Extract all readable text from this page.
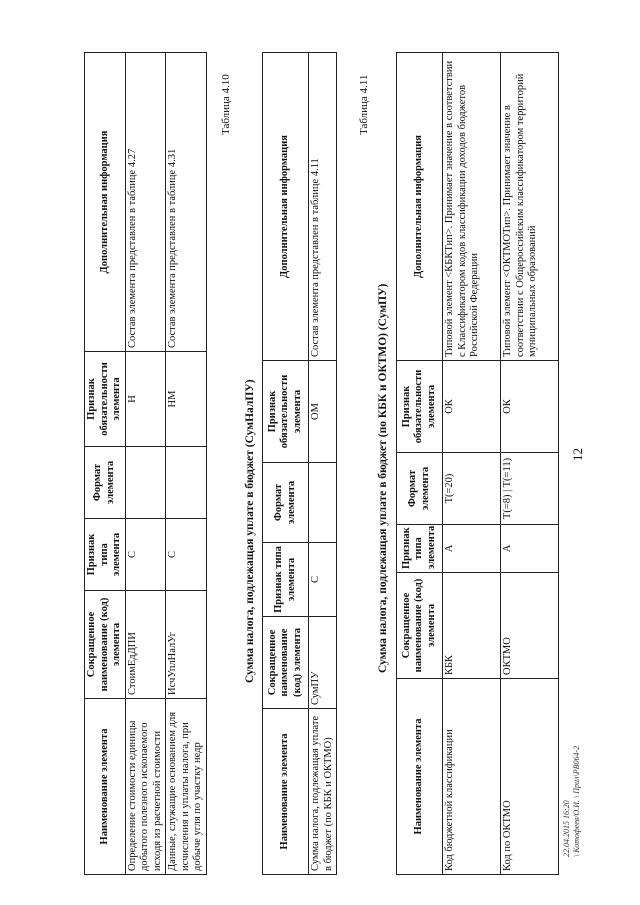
12
Наименование элемента	Сокращенное наименование (код) элемента	Признак типа элемента	Формат элемента	Признак обязательности элемента	Дополнительная информация
Определение стоимости единицы добытого полезного ископаемого исходя из расчетной стоимости	СтоимЕдДПИ	С		Н	Состав элемента представлен в таблице 4.27
Данные, служащие основанием для исчисления и уплаты налога, при добыче угля по участку недр	ИсчУплНалУг	С		НМ	Состав элемента представлен в таблице 4.31
Таблица 4.10
Сумма налога, подлежащая уплате в бюджет (СумНалПУ)
Наименование элемента	Сокращенное наименование (код) элемента	Признак типа элемента	Формат элемента	Признак обязательности элемента	Дополнительная информация
Сумма налога, подлежащая уплате в бюджет (по КБК и ОКТМО)	СумПУ	С		ОМ	Состав элемента представлен в таблице 4.11
Таблица 4.11
Сумма налога, подлежащая уплате в бюджет (по КБК и ОКТМО) (СумПУ)
Наименование элемента	Сокращенное наименование (код) элемента	Признак типа элемента	Формат элемента	Признак обязательности элемента	Дополнительная информация
Код бюджетной классификации	КБК	А	T(=20)	ОК	Типовой элемент <КБКТип>. Принимает значение в соответствии с Классификатором кодов классификации доходов бюджетов Российской Федерации
Код по ОКТМО	ОКТМО	А	T(=8) | T(=11)	ОК	Типовой элемент <ОКТМОТип>. Принимает значение в соответствии с Общероссийским классификатором территорий муниципальных образований
22.04.2015 16:20 \ Котофеев/О.И. \ Прил\РВ064-2
